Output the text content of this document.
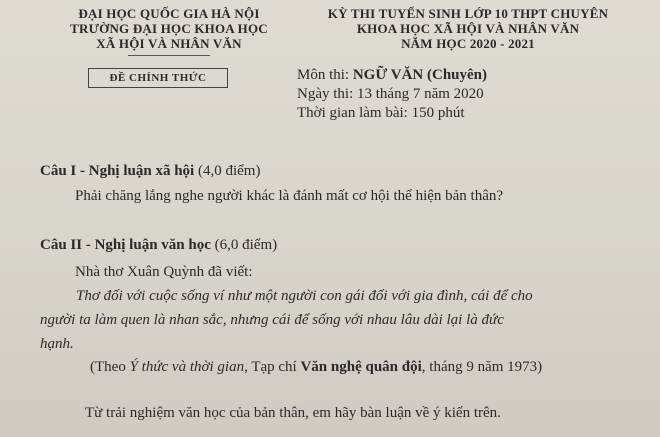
ĐẠI HỌC QUỐC GIA HÀ NỘI
TRƯỜNG ĐẠI HỌC KHOA HỌC
XÃ HỘI VÀ NHÂN VĂN
KỲ THI TUYỂN SINH LỚP 10 THPT CHUYÊN
KHOA HỌC XÃ HỘI VÀ NHÂN VĂN
NĂM HỌC 2020 - 2021
ĐỀ CHÍNH THỨC	Môn thi: NGỮ VĂN (Chuyên)
Ngày thi: 13 tháng 7 năm 2020
Thời gian làm bài: 150 phút
Câu I - Nghị luận xã hội (4,0 điểm)
Phải chăng lắng nghe người khác là đánh mất cơ hội thể hiện bản thân?
Câu II - Nghị luận văn học (6,0 điểm)
Nhà thơ Xuân Quỳnh đã viết:
Thơ đối với cuộc sống ví như một người con gái đối với gia đình, cái để cho
người ta làm quen là nhan sắc, nhưng cái để sống với nhau lâu dài lại là đức
hạnh.
(Theo Ý thức và thời gian, Tạp chí Văn nghệ quân đội, tháng 9 năm 1973)
Từ trải nghiệm văn học của bản thân, em hãy bàn luận về ý kiến trên.
